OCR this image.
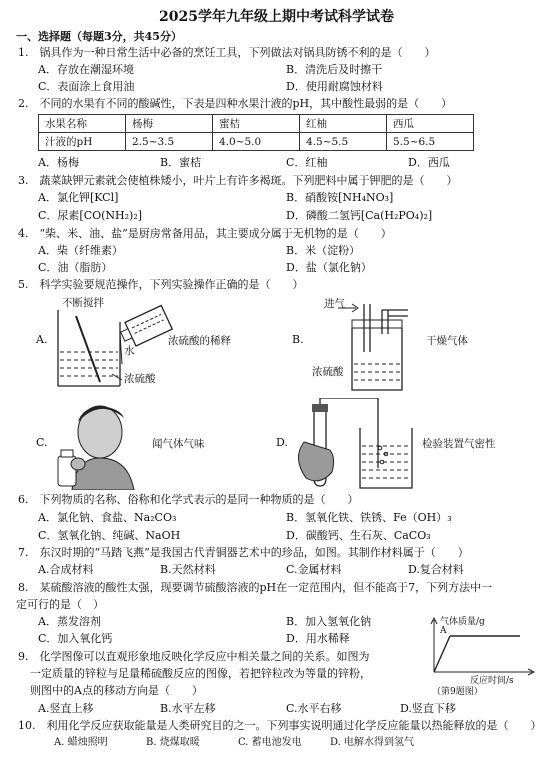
2025学年九年级上期中考试科学试卷
一、选择题（每题3分，共45分）
1.　锅具作为一种日常生活中必备的烹饪工具，下列做法对锅具防锈不利的是（　　）
A．存放在潮湿环境	B．清洗后及时擦干
C．表面涂上食用油	D．使用耐腐蚀材料
2.　不同的水果有不同的酸碱性，下表是四种水果汁液的pH，其中酸性最弱的是（　　）
水果名称	杨梅	蜜桔	红柚	西瓜
汁液的pH	2.5~3.5	4.0~5.0	4.5~5.5	5.5~6.5
A．杨梅	B．蜜桔	C．红柚	D．西瓜
3.　蔬菜缺钾元素就会使植株矮小，叶片上有许多褐斑。下列肥料中属于钾肥的是（　　）
A．氯化钾[KCl]	B．硝酸铵[NH₄NO₃]
C．尿素[CO(NH₂)₂]	D．磷酸二氢钙[Ca(H₂PO₄)₂]
4.　“柴、米、油、盐”是厨房常备用品，其主要成分属于无机物的是（　　）
A．柴（纤维素）	B．米（淀粉）
C．油（脂肪）	D．盐（氯化钠）
5.　科学实验要规范操作，下列实验操作正确的是（　　）
A.
不断搅拌
水
浓硫酸的稀释
浓硫酸
B.
进气
干燥气体
浓硫酸
C.	闻气体气味	D.	检验装置气密性
6.　下列物质的名称、俗称和化学式表示的是同一种物质的是（　　）
A．氯化钠、食盐、Na₂CO₃	B．氢氧化铁、铁锈、Fe（OH）₃
C．氢氧化钠、纯碱、NaOH	D．碳酸钙、生石灰、CaCO₃
7.　东汉时期的“马踏飞燕”是我国古代青铜器艺术中的珍品，如图。其制作材料属于（　　）
A.合成材料	B.天然材料	C.金属材料	D.复合材料
8.　某硫酸溶液的酸性太强，现要调节硫酸溶液的pH在一定范围内，但不能高于7，下列方法中一
定可行的是（　）
A．蒸发溶剂	B．加入氢氧化钠
C．加入氧化钙	D．用水稀释
9.　化学图像可以直观形象地反映化学反应中相关量之间的关系。如图为
一定质量的锌粒与足量稀硫酸反应的图像，若把锌粒改为等量的锌粉，
则图中的A点的移动方向是（　　）
A.竖直上移	B.水平左移	C.水平右移	D.竖直下移
气体质量/g
A
反应时间/s
（第9题图）
10.　利用化学反应获取能量是人类研究目的之一。下列事实说明通过化学反应能量以热能释放的是（　　）
A. 蜡烛照明	B. 烧煤取暖	C. 蓄电池发电	D. 电解水得到氢气
